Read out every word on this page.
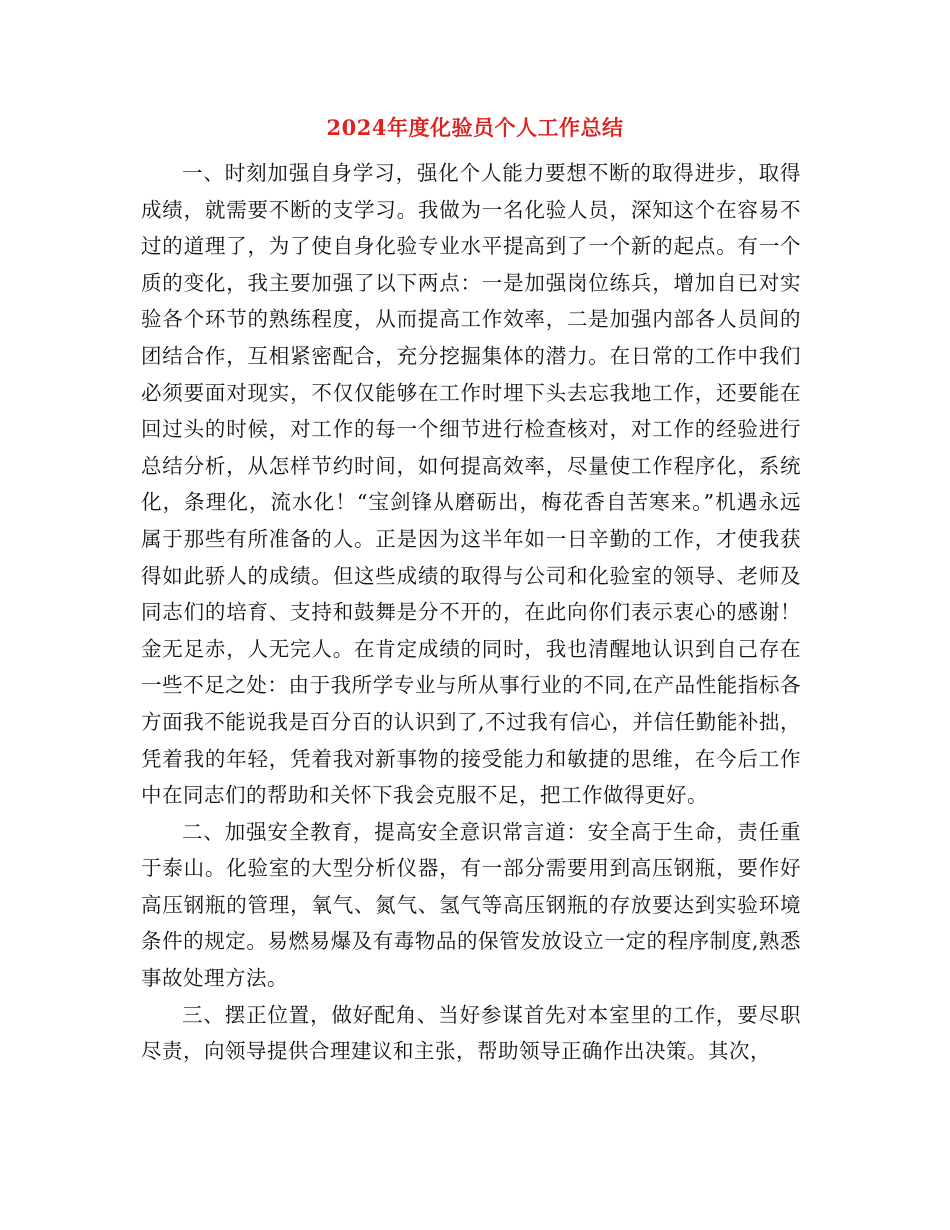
2024年度化验员个人工作总结

一、时刻加强自身学习，强化个人能力要想不断的取得进步，取得成绩，就需要不断的支学习。我做为一名化验人员，深知这个在容易不过的道理了，为了使自身化验专业水平提高到了一个新的起点。有一个质的变化，我主要加强了以下两点：一是加强岗位练兵，增加自已对实验各个环节的熟练程度，从而提高工作效率，二是加强内部各人员间的团结合作，互相紧密配合，充分挖掘集体的潜力。在日常的工作中我们必须要面对现实，不仅仅能够在工作时埋下头去忘我地工作，还要能在回过头的时候，对工作的每一个细节进行检查核对，对工作的经验进行总结分析，从怎样节约时间，如何提高效率，尽量使工作程序化，系统化，条理化，流水化！“宝剑锋从磨砺出，梅花香自苦寒来。”机遇永远属于那些有所准备的人。正是因为这半年如一日辛勤的工作，才使我获得如此骄人的成绩。但这些成绩的取得与公司和化验室的领导、老师及同志们的培育、支持和鼓舞是分不开的，在此向你们表示衷心的感谢！金无足赤，人无完人。在肯定成绩的同时，我也清醒地认识到自己存在一些不足之处：由于我所学专业与所从事行业的不同,在产品性能指标各方面我不能说我是百分百的认识到了,不过我有信心，并信任勤能补拙，凭着我的年轻，凭着我对新事物的接受能力和敏捷的思维，在今后工作中在同志们的帮助和关怀下我会克服不足，把工作做得更好。

二、加强安全教育，提高安全意识常言道：安全高于生命，责任重于泰山。化验室的大型分析仪器，有一部分需要用到高压钢瓶，要作好高压钢瓶的管理，氧气、氮气、氢气等高压钢瓶的存放要达到实验环境条件的规定。易燃易爆及有毒物品的保管发放设立一定的程序制度,熟悉事故处理方法。

三、摆正位置，做好配角、当好参谋首先对本室里的工作，要尽职尽责，向领导提供合理建议和主张，帮助领导正确作出决策。其次，
